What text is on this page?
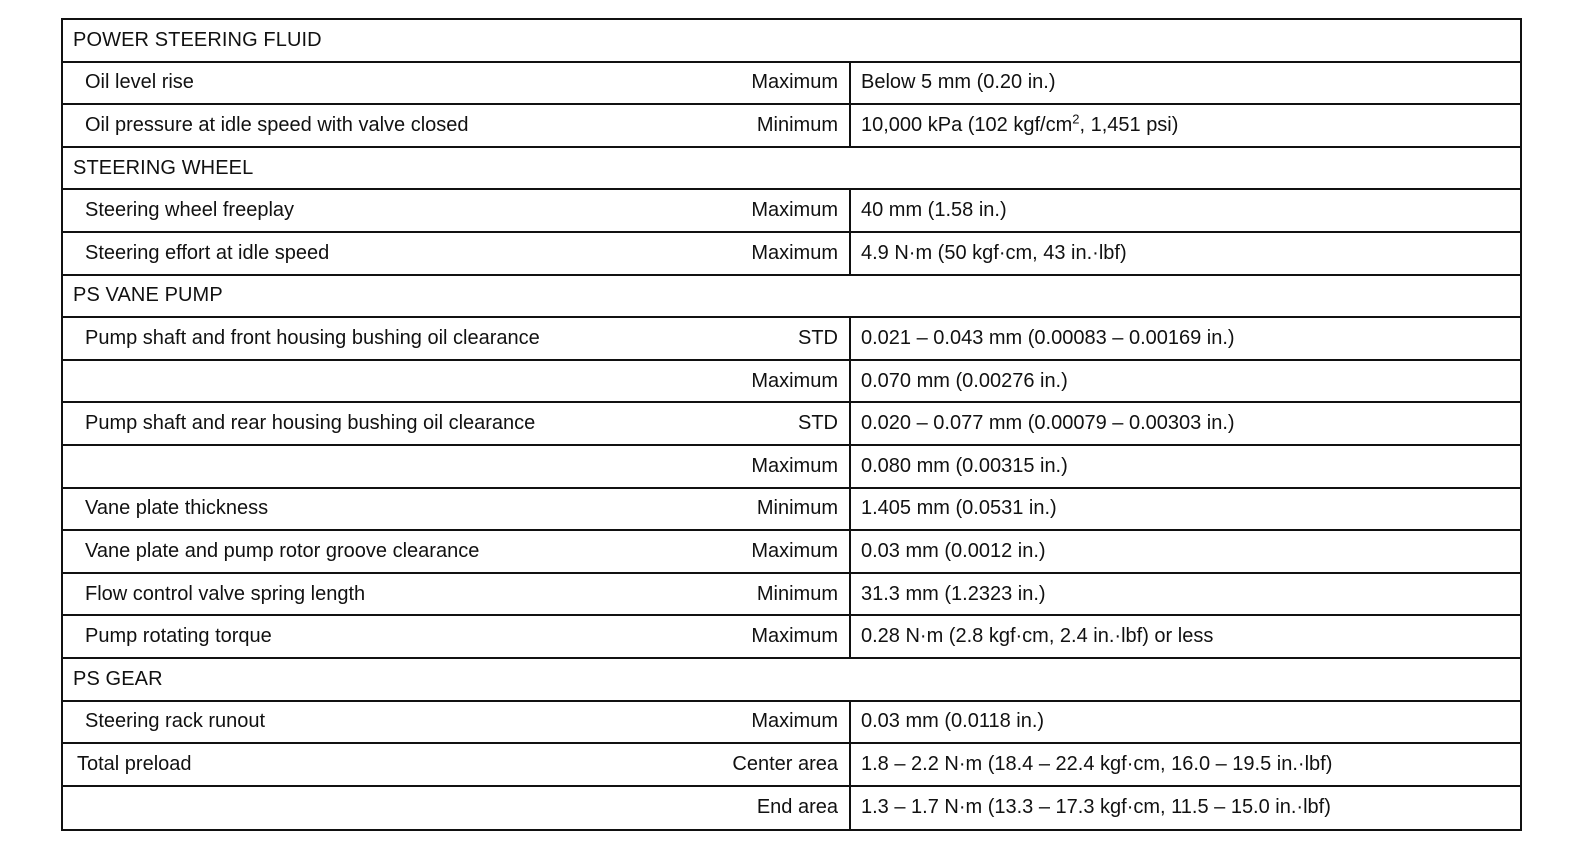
POWER STEERING FLUID
Oil level rise	Maximum Below 5 mm (0.20 in.)
Oil pressure at idle speed with valve closed	Minimum 10,000 kPa (102 kgf/$cm^2$, 1,451 psi)
STEERING WHEEL
Steering wheel freeplay	Maximum 40 mm (1.58 in.)
Steering effort at idle speed	Maximum 4.9 N·m (50 kgf·cm, 43 in.·lbf)
PS VANE PUMP
Pump shaft and front housing bushing oil clearance	STD 0.021 – 0.043 mm (0.00083 – 0.00169 in.)
Maximum 0.070 mm (0.00276 in.)
Pump shaft and rear housing bushing oil clearance	STD 0.020 – 0.077 mm (0.00079 – 0.00303 in.)
Maximum 0.080 mm (0.00315 in.)
Vane plate thickness	Minimum 1.405 mm (0.0531 in.)
Vane plate and pump rotor groove clearance	Maximum 0.03 mm (0.0012 in.)
Flow control valve spring length	Minimum 31.3 mm (1.2323 in.)
Pump rotating torque	Maximum 0.28 N·m (2.8 kgf·cm, 2.4 in.·lbf) or less
PS GEAR
Steering rack runout	Maximum 0.03 mm (0.0118 in.)
Total preload	Center area 1.8 – 2.2 N·m (18.4 – 22.4 kgf·cm, 16.0 – 19.5 in.·lbf)
End area 1.3 – 1.7 N·m (13.3 – 17.3 kgf·cm, 11.5 – 15.0 in.·lbf)
